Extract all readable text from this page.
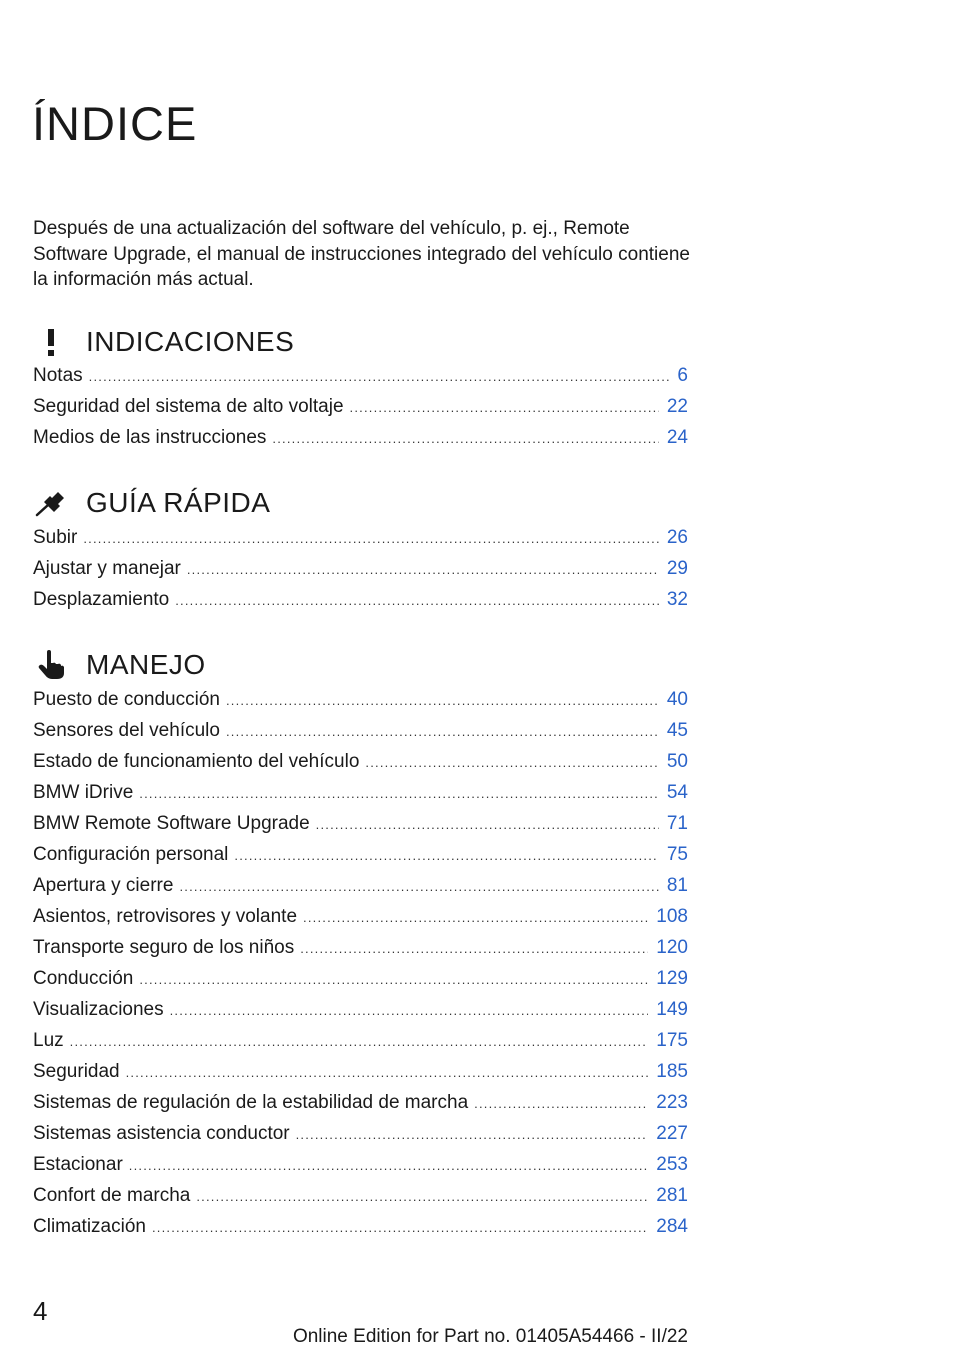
ÍNDICE
Después de una actualización del software del vehículo, p. ej., Remote Software Upgrade, el manual de instrucciones integrado del vehículo contiene la información más actual.
INDICACIONES
Notas .....	6
Seguridad del sistema de alto voltaje .....	22
Medios de las instrucciones .....	24
GUÍA RÁPIDA
Subir .....	26
Ajustar y manejar .....	29
Desplazamiento .....	32
MANEJO
Puesto de conducción .....	40
Sensores del vehículo .....	45
Estado de funcionamiento del vehículo .....	50
BMW iDrive .....	54
BMW Remote Software Upgrade .....	71
Configuración personal .....	75
Apertura y cierre .....	81
Asientos, retrovisores y volante .....	108
Transporte seguro de los niños .....	120
Conducción .....	129
Visualizaciones .....	149
Luz .....	175
Seguridad .....	185
Sistemas de regulación de la estabilidad de marcha .....	223
Sistemas asistencia conductor .....	227
Estacionar .....	253
Confort de marcha .....	281
Climatización .....	284
4
Online Edition for Part no. 01405A54466 - II/22
